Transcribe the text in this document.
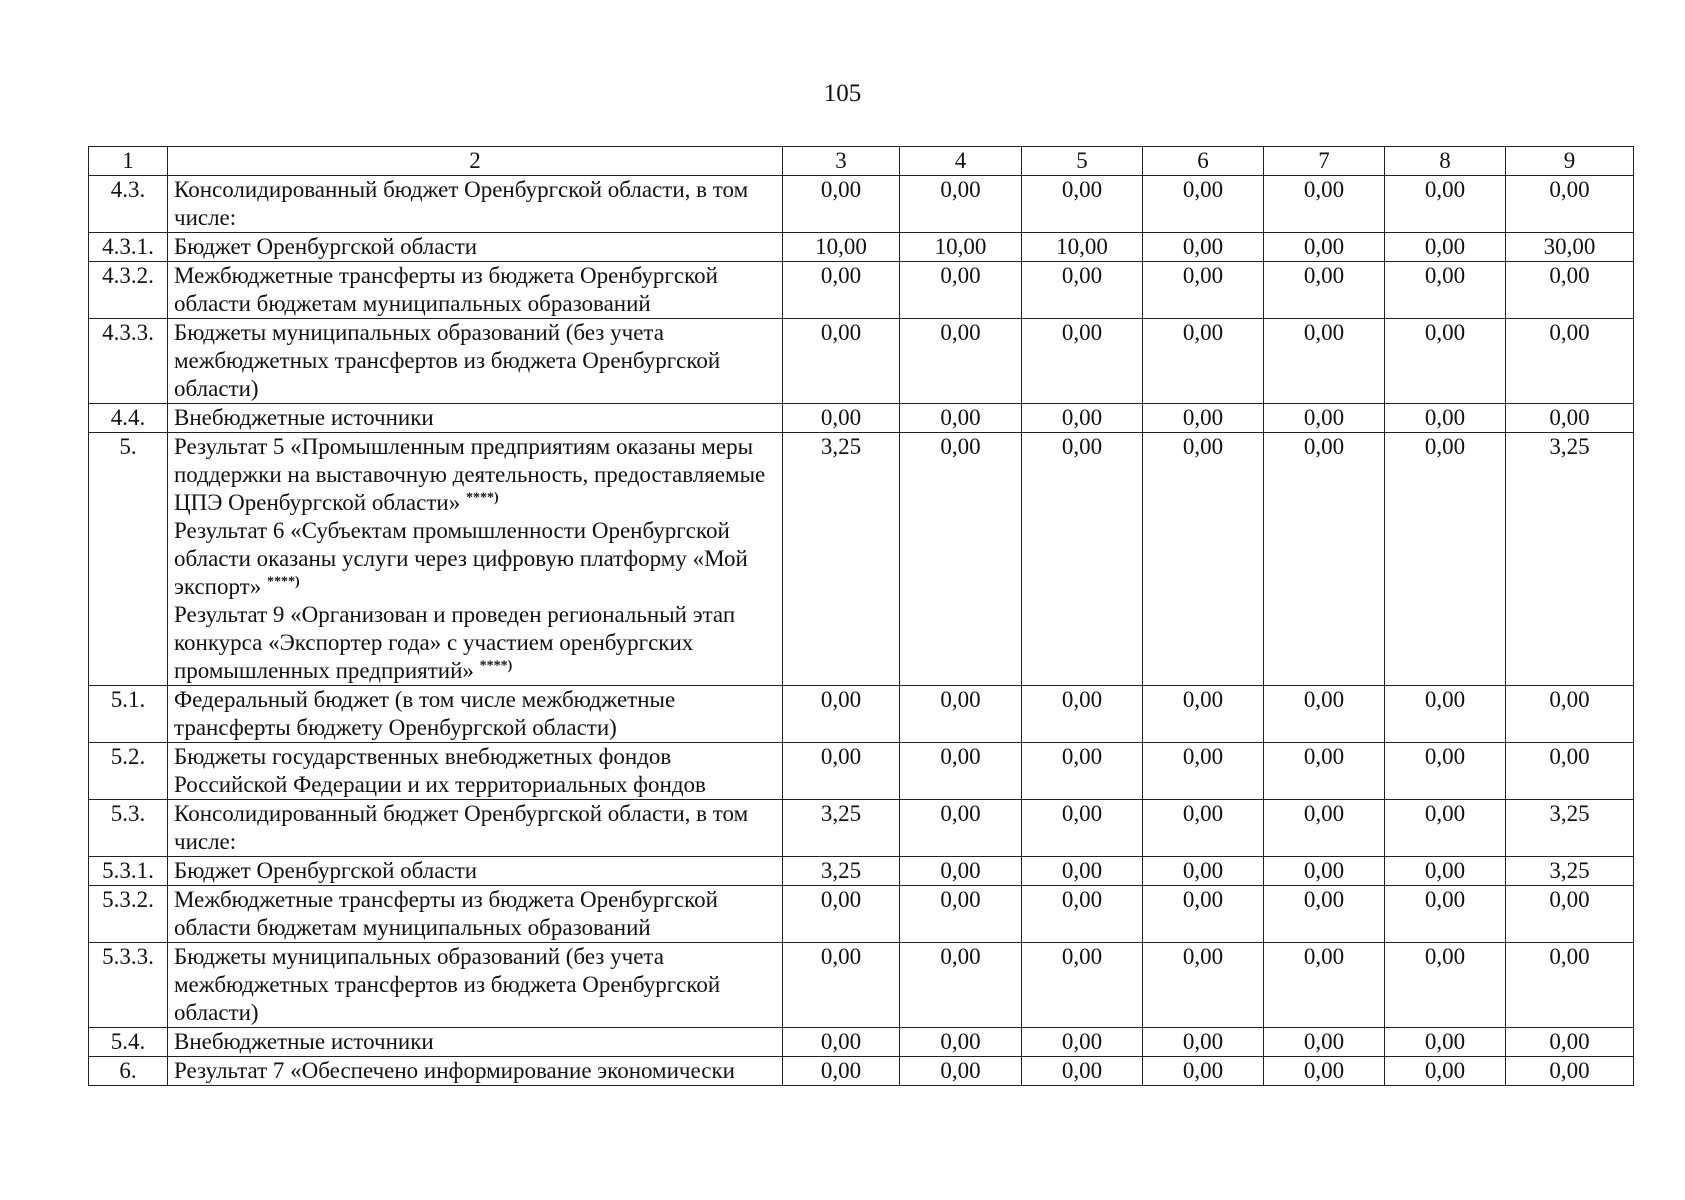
105
1	2	3	4	5	6	7	8	9
4.3.	Консолидированный бюджет Оренбургской области, в том числе:	0,00	0,00	0,00	0,00	0,00	0,00	0,00
4.3.1.	Бюджет Оренбургской области	10,00	10,00	10,00	0,00	0,00	0,00	30,00
4.3.2.	Межбюджетные трансферты из бюджета Оренбургской области бюджетам муниципальных образований	0,00	0,00	0,00	0,00	0,00	0,00	0,00
4.3.3.	Бюджеты муниципальных образований (без учета межбюджетных трансфертов из бюджета Оренбургской области)	0,00	0,00	0,00	0,00	0,00	0,00	0,00
4.4.	Внебюджетные источники	0,00	0,00	0,00	0,00	0,00	0,00	0,00
5.	Результат 5 «Промышленным предприятиям оказаны меры поддержки на выставочную деятельность, предоставляемые ЦПЭ Оренбургской области» ****)
Результат 6 «Субъектам промышленности Оренбургской области оказаны услуги через цифровую платформу «Мой экспорт» ****)
Результат 9 «Организован и проведен региональный этап конкурса «Экспортер года» с участием оренбургских промышленных предприятий» ****)	3,25	0,00	0,00	0,00	0,00	0,00	3,25
5.1.	Федеральный бюджет (в том числе межбюджетные трансферты бюджету Оренбургской области)	0,00	0,00	0,00	0,00	0,00	0,00	0,00
5.2.	Бюджеты государственных внебюджетных фондов Российской Федерации и их территориальных фондов	0,00	0,00	0,00	0,00	0,00	0,00	0,00
5.3.	Консолидированный бюджет Оренбургской области, в том числе:	3,25	0,00	0,00	0,00	0,00	0,00	3,25
5.3.1.	Бюджет Оренбургской области	3,25	0,00	0,00	0,00	0,00	0,00	3,25
5.3.2.	Межбюджетные трансферты из бюджета Оренбургской области бюджетам муниципальных образований	0,00	0,00	0,00	0,00	0,00	0,00	0,00
5.3.3.	Бюджеты муниципальных образований (без учета межбюджетных трансфертов из бюджета Оренбургской области)	0,00	0,00	0,00	0,00	0,00	0,00	0,00
5.4.	Внебюджетные источники	0,00	0,00	0,00	0,00	0,00	0,00	0,00
6.	Результат 7 «Обеспечено информирование экономически	0,00	0,00	0,00	0,00	0,00	0,00	0,00
